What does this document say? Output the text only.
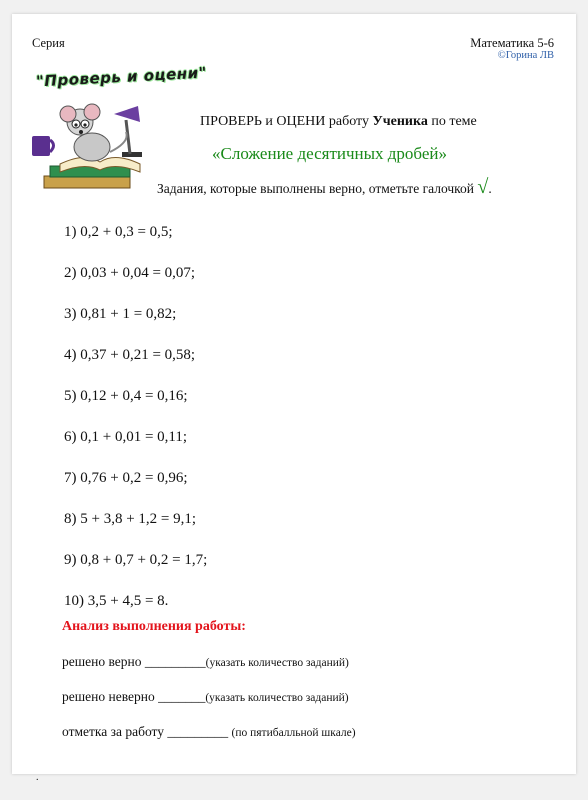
Серия	Математика 5-6
©Горина ЛВ
"Проверь и оцени"
ПРОВЕРЬ и ОЦЕНИ работу Ученика по теме
«Сложение десятичных дробей»
Задания, которые выполнены верно, отметьте галочкой √.
1) 0,2 + 0,3 = 0,5;
2) 0,03 + 0,04 = 0,07;
3) 0,81 + 1 = 0,82;
4) 0,37 + 0,21 = 0,58;
5) 0,12 + 0,4 = 0,16;
6) 0,1 + 0,01 = 0,11;
7) 0,76 + 0,2 = 0,96;
8) 5 + 3,8 + 1,2 = 9,1;
9) 0,8 + 0,7 + 0,2 = 1,7;
10) 3,5 + 4,5 = 8.
Анализ выполнения работы:
решено верно _________(указать количество заданий)
решено неверно _______(указать количество заданий)
отметка за работу _________ (по пятибалльной шкале)
.
